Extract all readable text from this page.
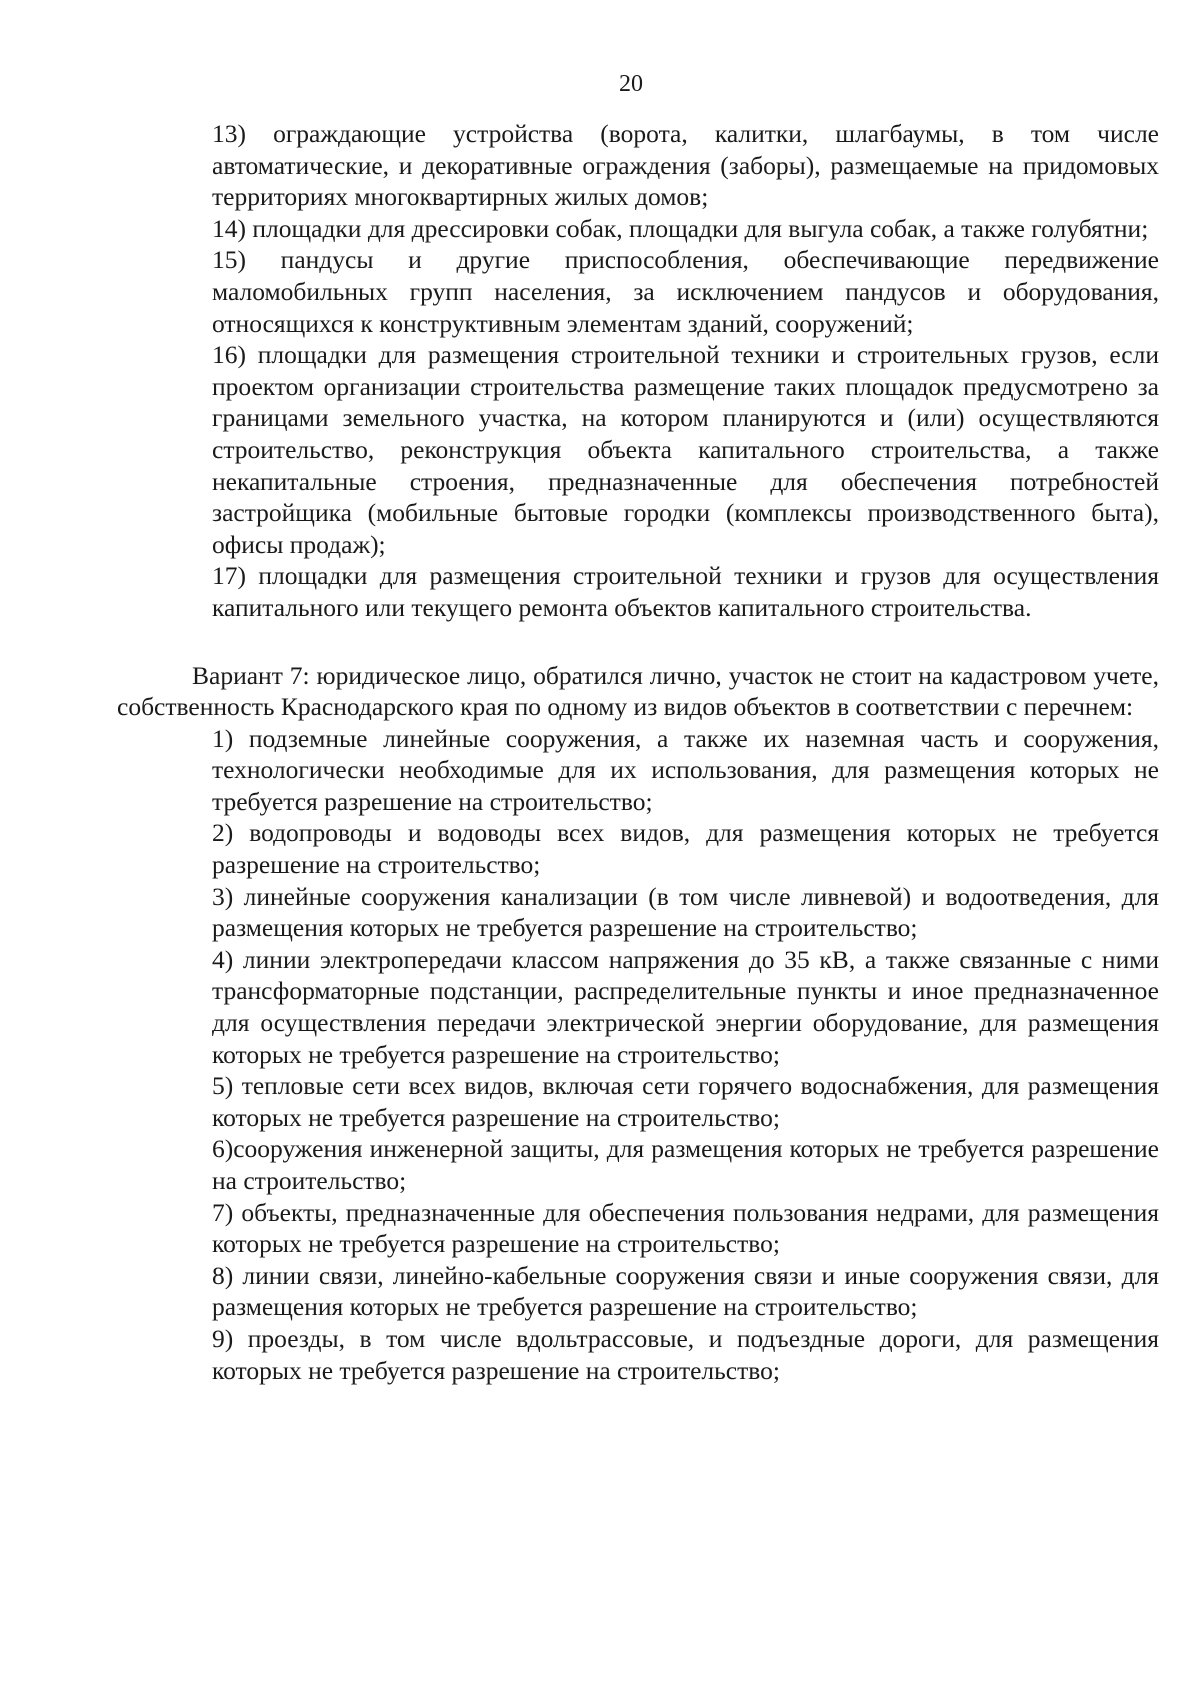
20

13) ограждающие устройства (ворота, калитки, шлагбаумы, в том числе автоматические, и декоративные ограждения (заборы), размещаемые на придомовых территориях многоквартирных жилых домов;

14) площадки для дрессировки собак, площадки для выгула собак, а также голубятни;

15) пандусы и другие приспособления, обеспечивающие передвижение маломобильных групп населения, за исключением пандусов и оборудования, относящихся к конструктивным элементам зданий, сооружений;

16) площадки для размещения строительной техники и строительных грузов, если проектом организации строительства размещение таких площадок предусмотрено за границами земельного участка, на котором планируются и (или) осуществляются строительство, реконструкция объекта капитального строительства, а также некапитальные строения, предназначенные для обеспечения потребностей застройщика (мобильные бытовые городки (комплексы производственного быта), офисы продаж);

17) площадки для размещения строительной техники и грузов для осуществления капитального или текущего ремонта объектов капитального строительства.

Вариант 7: юридическое лицо, обратился лично, участок не стоит на кадастровом учете, собственность Краснодарского края по одному из видов объектов в соответствии с перечнем:

1) подземные линейные сооружения, а также их наземная часть и сооружения, технологически необходимые для их использования, для размещения которых не требуется разрешение на строительство;

2) водопроводы и водоводы всех видов, для размещения которых не требуется разрешение на строительство;

3) линейные сооружения канализации (в том числе ливневой) и водоотведения, для размещения которых не требуется разрешение на строительство;

4) линии электропередачи классом напряжения до 35 кВ, а также связанные с ними трансформаторные подстанции, распределительные пункты и иное предназначенное для осуществления передачи электрической энергии оборудование, для размещения которых не требуется разрешение на строительство;

5) тепловые сети всех видов, включая сети горячего водоснабжения, для размещения которых не требуется разрешение на строительство;

6)сооружения инженерной защиты, для размещения которых не требуется разрешение на строительство;

7) объекты, предназначенные для обеспечения пользования недрами, для размещения которых не требуется разрешение на строительство;

8) линии связи, линейно-кабельные сооружения связи и иные сооружения связи, для размещения которых не требуется разрешение на строительство;

9) проезды, в том числе вдольтрассовые, и подъездные дороги, для размещения которых не требуется разрешение на строительство;
